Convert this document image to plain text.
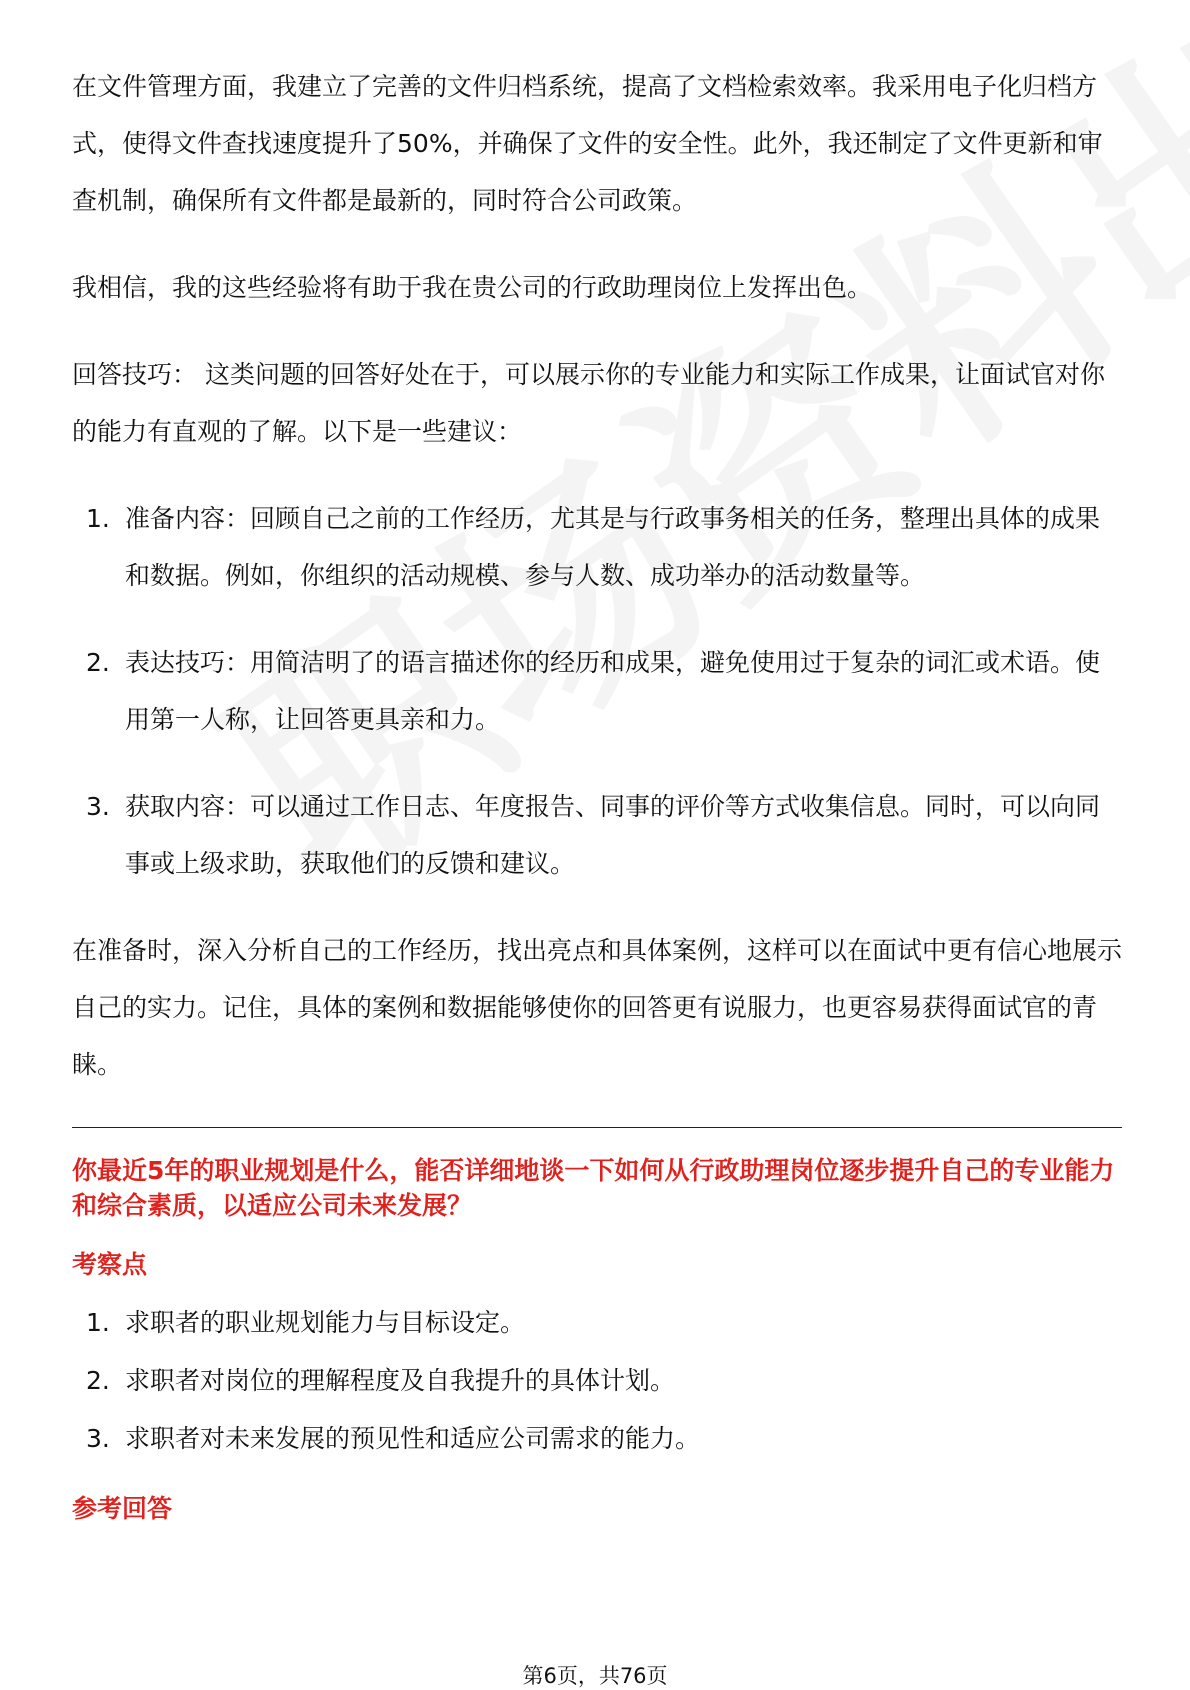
在文件管理方面，我建立了完善的文件归档系统，提高了文档检索效率。我采用电子化归档方式，使得文件查找速度提升了50%，并确保了文件的安全性。此外，我还制定了文件更新和审查机制，确保所有文件都是最新的，同时符合公司政策。

我相信，我的这些经验将有助于我在贵公司的行政助理岗位上发挥出色。

回答技巧： 这类问题的回答好处在于，可以展示你的专业能力和实际工作成果，让面试官对你的能力有直观的了解。以下是一些建议：

1. 准备内容：回顾自己之前的工作经历，尤其是与行政事务相关的任务，整理出具体的成果和数据。例如，你组织的活动规模、参与人数、成功举办的活动数量等。
2. 表达技巧：用简洁明了的语言描述你的经历和成果，避免使用过于复杂的词汇或术语。使用第一人称，让回答更具亲和力。
3. 获取内容：可以通过工作日志、年度报告、同事的评价等方式收集信息。同时，可以向同事或上级求助，获取他们的反馈和建议。

在准备时，深入分析自己的工作经历，找出亮点和具体案例，这样可以在面试中更有信心地展示自己的实力。记住，具体的案例和数据能够使你的回答更有说服力，也更容易获得面试官的青睐。

你最近5年的职业规划是什么，能否详细地谈一下如何从行政助理岗位逐步提升自己的专业能力和综合素质，以适应公司未来发展？
考察点
1. 求职者的职业规划能力与目标设定。
2. 求职者对岗位的理解程度及自我提升的具体计划。
3. 求职者对未来发展的预见性和适应公司需求的能力。
参考回答
第6页，共76页
